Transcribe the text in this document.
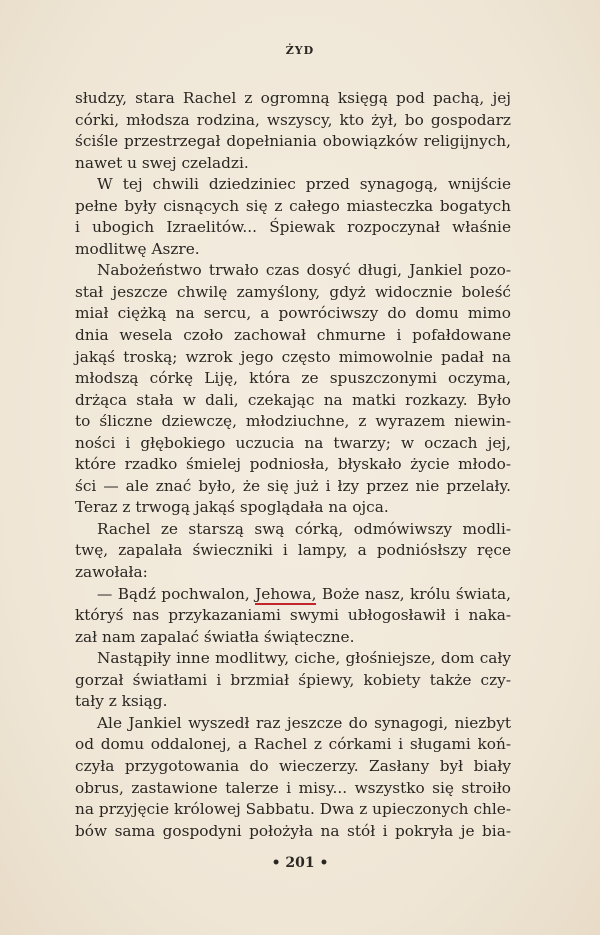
ŻYD
słudzy, stara Rachel z ogromną księgą pod pachą, jej
córki, młodsza rodzina, wszyscy, kto żył, bo gospodarz
ściśle przestrzegał dopełniania obowiązków religijnych,
nawet u swej czeladzi.
W tej chwili dziedziniec przed synagogą, wnijście
pełne były cisnących się z całego miasteczka bogatych
i ubogich Izraelitów... Śpiewak rozpoczynał właśnie
modlitwę Aszre.
Nabożeństwo trwało czas dosyć długi, Jankiel pozo-
stał jeszcze chwilę zamyślony, gdyż widocznie boleść
miał ciężką na sercu, a powróciwszy do domu mimo
dnia wesela czoło zachował chmurne i pofałdowane
jakąś troską; wzrok jego często mimowolnie padał na
młodszą córkę Liję, która ze spuszczonymi oczyma,
drżąca stała w dali, czekając na matki rozkazy. Było
to śliczne dziewczę, młodziuchne, z wyrazem niewin-
ności i głębokiego uczucia na twarzy; w oczach jej,
które rzadko śmielej podniosła, błyskało życie młodo-
ści — ale znać było, że się już i łzy przez nie przelały.
Teraz z trwogą jakąś spoglądała na ojca.
Rachel ze starszą swą córką, odmówiwszy modli-
twę, zapalała świeczniki i lampy, a podniósłszy ręce
zawołała:
— Bądź pochwalon, Jehowa, Boże nasz, królu świata,
któryś nas przykazaniami swymi ubłogosławił i naka-
zał nam zapalać światła świąteczne.
Nastąpiły inne modlitwy, ciche, głośniejsze, dom cały
gorzał światłami i brzmiał śpiewy, kobiety także czy-
tały z ksiąg.
Ale Jankiel wyszedł raz jeszcze do synagogi, niezbyt
od domu oddalonej, a Rachel z córkami i sługami koń-
czyła przygotowania do wieczerzy. Zasłany był biały
obrus, zastawione talerze i misy... wszystko się stroiło
na przyjęcie królowej Sabbatu. Dwa z upieczonych chle-
bów sama gospodyni położyła na stół i pokryła je bia-
• 201 •
